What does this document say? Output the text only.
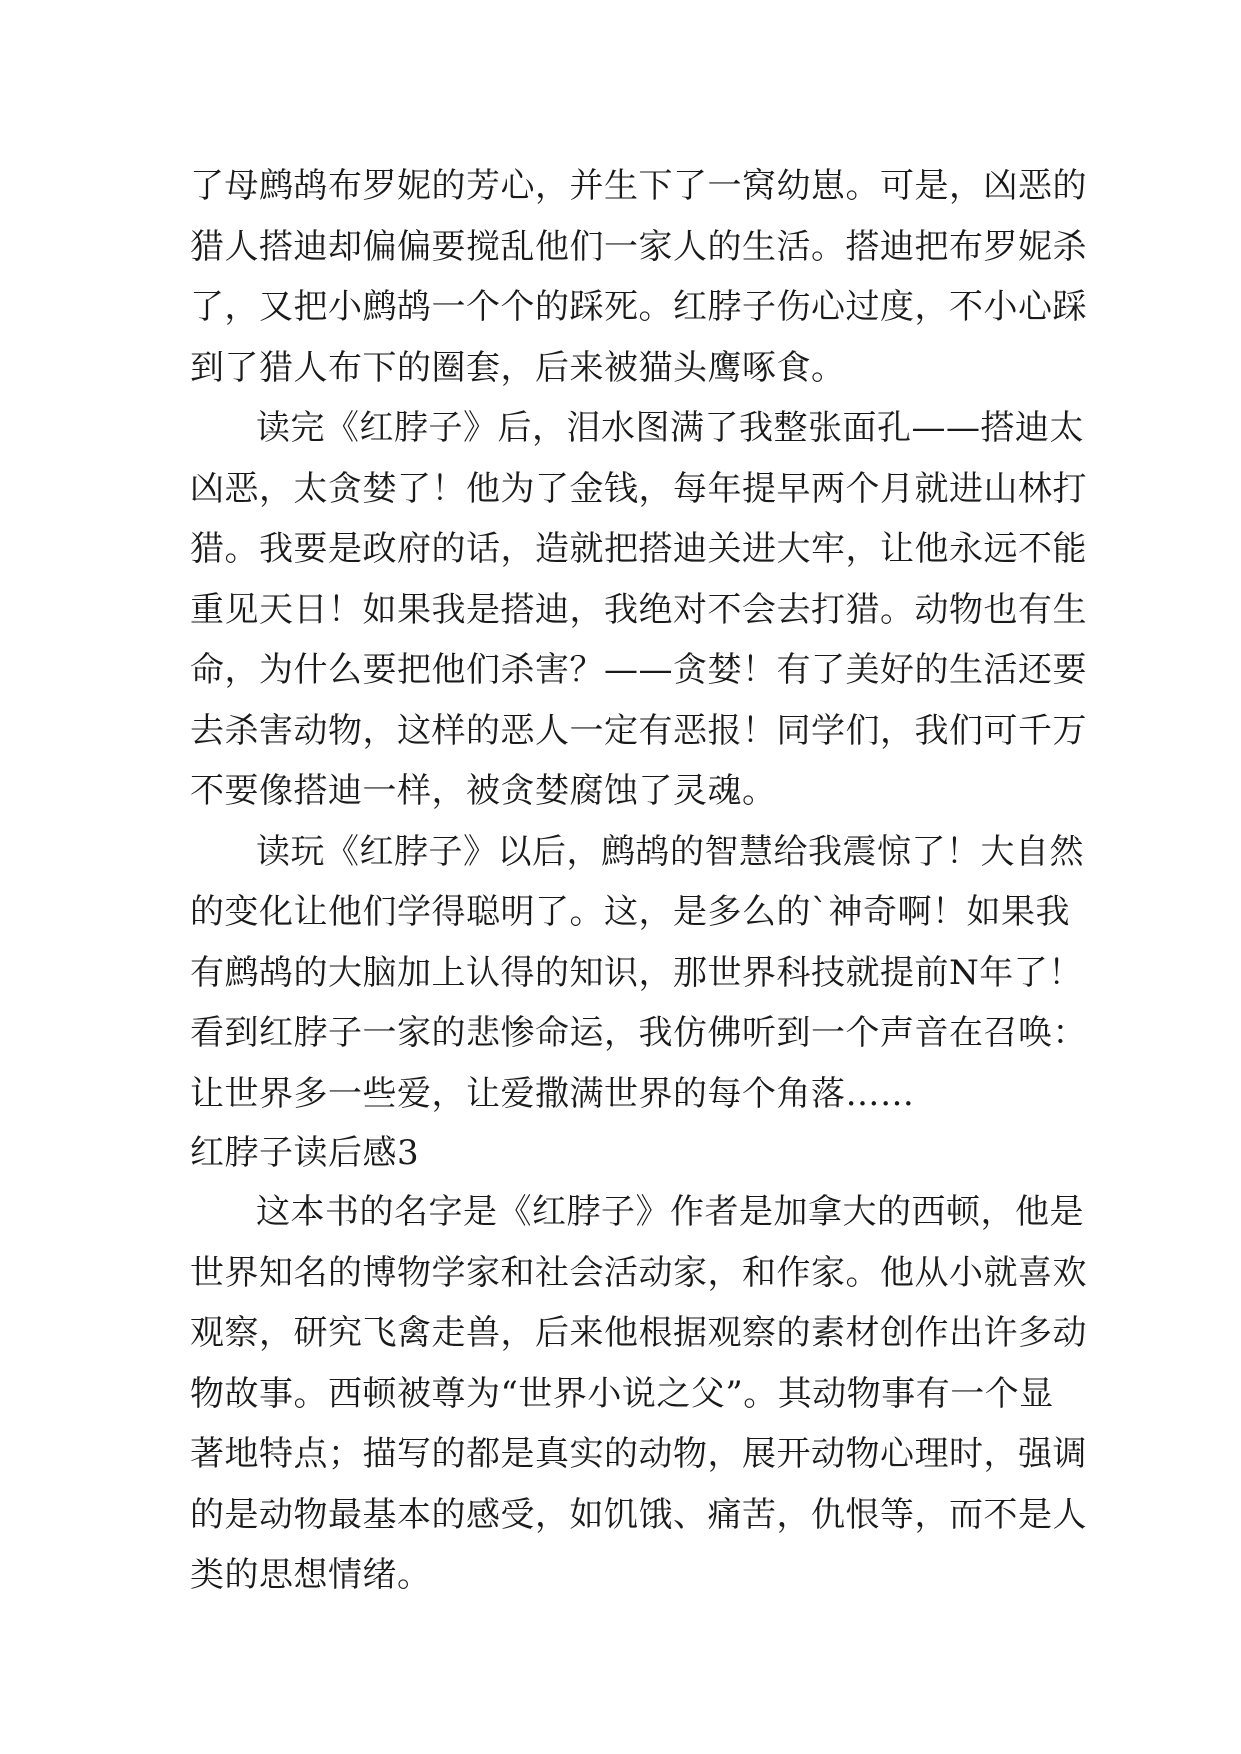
了母鹧鸪布罗妮的芳心，并生下了一窝幼崽。可是，凶恶的
猎人搭迪却偏偏要搅乱他们一家人的生活。搭迪把布罗妮杀
了，又把小鹧鸪一个个的踩死。红脖子伤心过度，不小心踩
到了猎人布下的圈套，后来被猫头鹰啄食。
读完《红脖子》后，泪水图满了我整张面孔——搭迪太
凶恶，太贪婪了！他为了金钱，每年提早两个月就进山林打
猎。我要是政府的话，造就把搭迪关进大牢，让他永远不能
重见天日！如果我是搭迪，我绝对不会去打猎。动物也有生
命，为什么要把他们杀害？——贪婪！有了美好的生活还要
去杀害动物，这样的恶人一定有恶报！同学们，我们可千万
不要像搭迪一样，被贪婪腐蚀了灵魂。
读玩《红脖子》以后，鹧鸪的智慧给我震惊了！大自然
的变化让他们学得聪明了。这，是多么的`神奇啊！如果我
有鹧鸪的大脑加上认得的知识，那世界科技就提前N年了！
看到红脖子一家的悲惨命运，我仿佛听到一个声音在召唤：
让世界多一些爱，让爱撒满世界的每个角落……
红脖子读后感3
这本书的名字是《红脖子》作者是加拿大的西顿，他是
世界知名的博物学家和社会活动家，和作家。他从小就喜欢
观察，研究飞禽走兽，后来他根据观察的素材创作出许多动
物故事。西顿被尊为“世界小说之父”。其动物事有一个显
著地特点；描写的都是真实的动物，展开动物心理时，强调
的是动物最基本的感受，如饥饿、痛苦，仇恨等，而不是人
类的思想情绪。
